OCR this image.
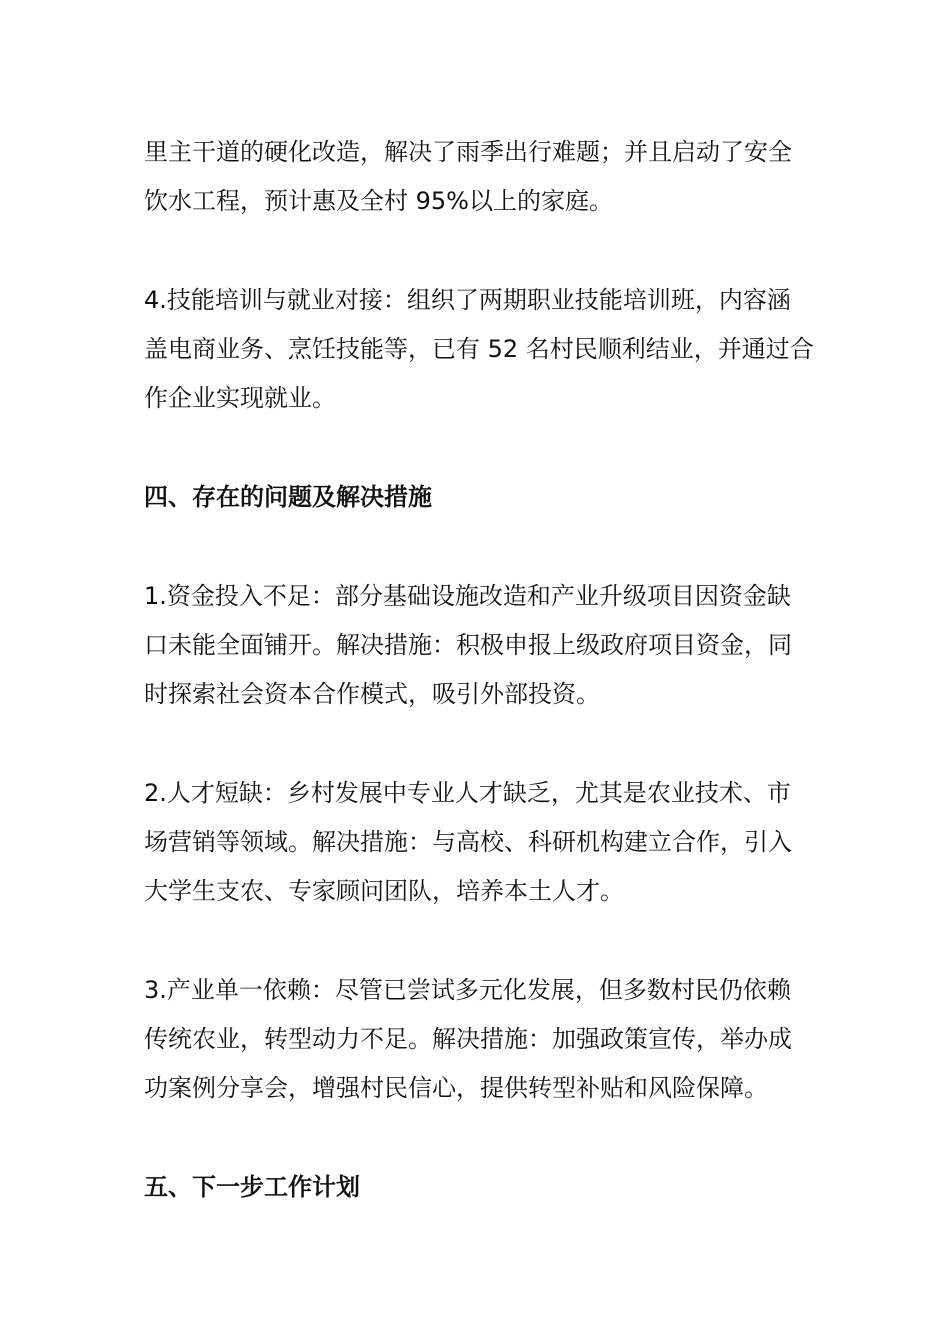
里主干道的硬化改造，解决了雨季出行难题；并且启动了安全
饮水工程，预计惠及全村 95%以上的家庭。

4.技能培训与就业对接：组织了两期职业技能培训班，内容涵
盖电商业务、烹饪技能等，已有 52 名村民顺利结业，并通过合
作企业实现就业。

四、存在的问题及解决措施

1.资金投入不足：部分基础设施改造和产业升级项目因资金缺
口未能全面铺开。解决措施：积极申报上级政府项目资金，同
时探索社会资本合作模式，吸引外部投资。

2.人才短缺：乡村发展中专业人才缺乏，尤其是农业技术、市
场营销等领域。解决措施：与高校、科研机构建立合作，引入
大学生支农、专家顾问团队，培养本土人才。

3.产业单一依赖：尽管已尝试多元化发展，但多数村民仍依赖
传统农业，转型动力不足。解决措施：加强政策宣传，举办成
功案例分享会，增强村民信心，提供转型补贴和风险保障。

五、下一步工作计划
